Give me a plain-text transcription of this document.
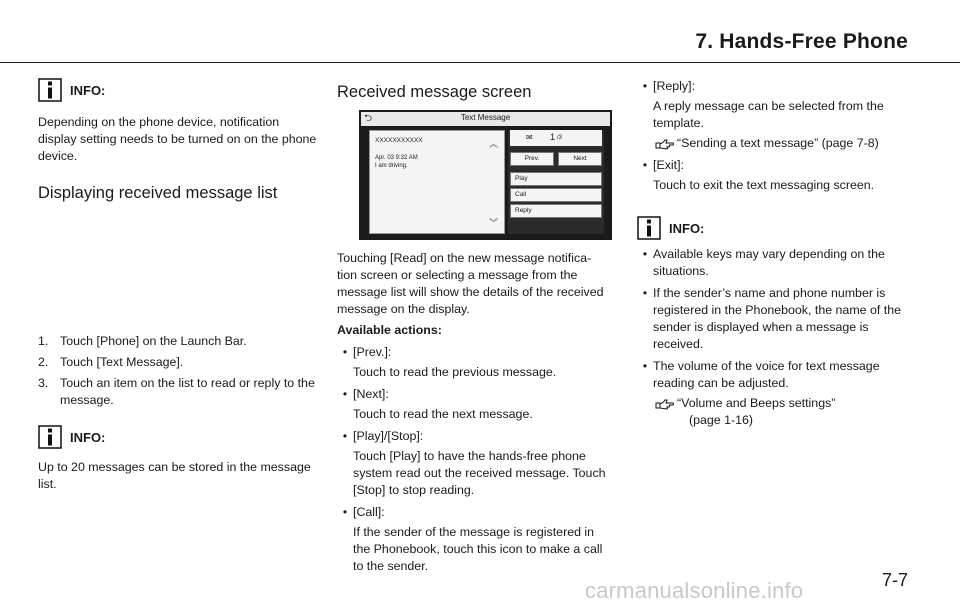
7. Hands-Free Phone
INFO:

Depending on the phone device, notification display setting needs to be turned on on the phone device.

Displaying received message list
1. Touch [Phone] on the Launch Bar.
2. Touch [Text Message].
3. Touch an item on the list to read or reply to the message.
INFO:

Up to 20 messages can be stored in the message list.

Received message screen
Text Message
⮌
XXXXXXXXXXX	︽
Apr. 03 9:32 AM
I am driving.
︾
✉ 1 /3
Prev.	Next
Play
Call
Reply

Touching [Read] on the new message notifica-tion screen or selecting a message from the message list will show the details of the received message on the display.

Available actions:
• [Prev.]:
Touch to read the previous message.
• [Next]:
Touch to read the next message.
• [Play]/[Stop]:
Touch [Play] to have the hands-free phone system read out the received message. Touch [Stop] to stop reading.
• [Call]:
If the sender of the message is registered in the Phonebook, touch this icon to make a call to the sender.
• [Reply]:
A reply message can be selected from the template.
“Sending a text message” (page 7-8)
• [Exit]:
Touch to exit the text messaging screen.
INFO:
• Available keys may vary depending on the situations.
• If the sender’s name and phone number is registered in the Phonebook, the name of the sender is displayed when a message is received.
• The volume of the voice for text message reading can be adjusted.
“Volume and Beeps settings”
(page 1-16)
carmanualsonline.info	7-7
